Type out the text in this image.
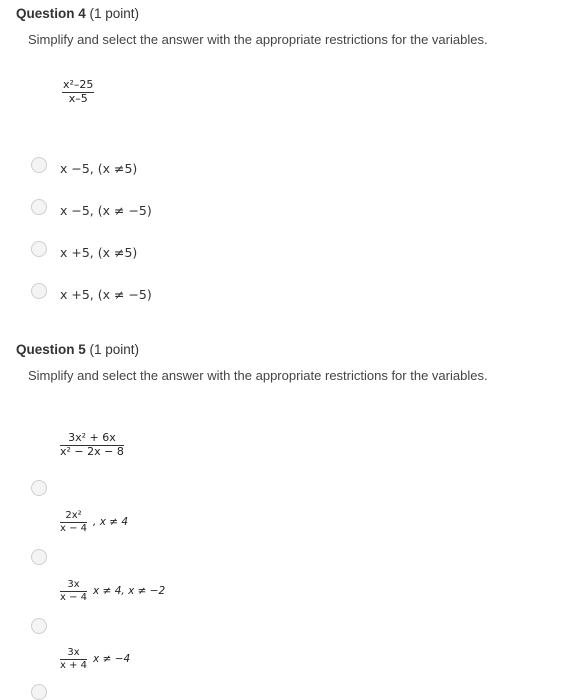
Question 4 (1 point)
Simplify and select the answer with the appropriate restrictions for the variables.
$\frac{\text{x²–25}}{x-5}$
x −5, (x ≠5)
x −5, (x ≠ −5)
x +5, (x ≠5)
x +5, (x ≠ −5)
Question 5 (1 point)
Simplify and select the answer with the appropriate restrictions for the variables.
$\frac{\text{3x² + 6x}}{\text{x² − 2x − 8}}$
$\frac{\text{2x²}}{x - 4}$ , x ≠ 4
$\frac{3x}{x - 4}$ x ≠ 4, x ≠ −2
$\frac{3x}{x + 4}$ x ≠ −4
